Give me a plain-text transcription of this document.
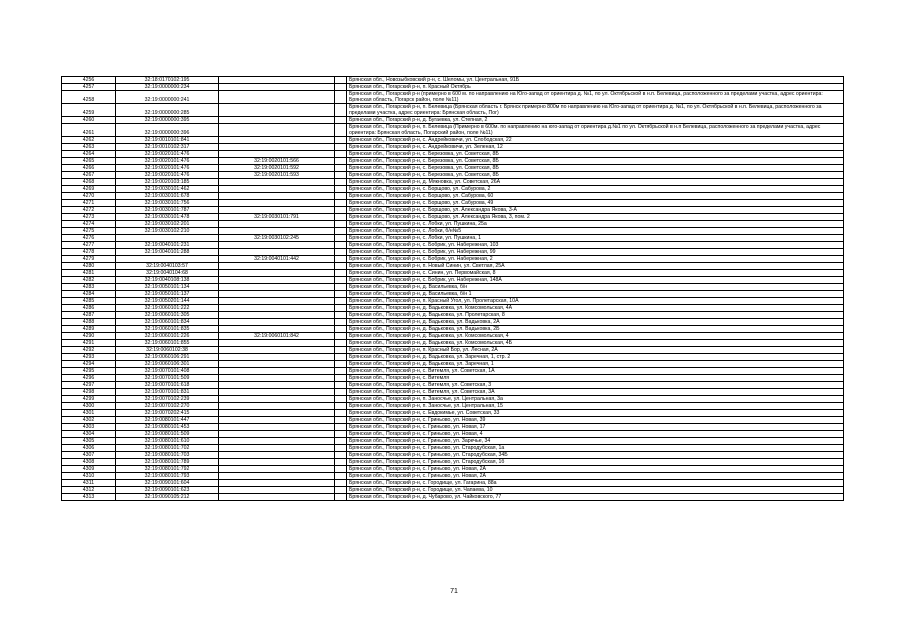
4256	32:18:0170102:195			Брянская обл., Новозыбковский р-н, с. Шеломы, ул. Центральная, 91Б
4257	32:19:0000000:234			Брянская обл., Погарский р-н, п. Красный Октябрь
4258	32:19:0000000:241			Брянская обл., Погарский р-н (примерно в 600 м. по направлению на Юго-запад от ориентира д. №1, по ул. Октябрьской в н.п. Белевица, расположенного за пределами участка, адрес ориентира: Брянская область, Погарск район, поле №11)
4259	32:19:0000000:285			Брянская обл., Погарский р-н, п. Белевица (Брянская область г. Брянск примерно 800м по направлению на Юго-запад от ориентира д. №1, по ул. Октябрьской в н.п. Белевица, расположенного за пределами участка, адрес ориентира: Брянская область, Пог)
4260	32:19:0000000:395			Брянская обл., Погарский р-н, д. Бугаевка, ул. Степная, 2
4261	32:19:0000000:396			Брянская обл., Погарский р-н, п. Белевица (Примерно в 600м. по направлению на юго-запад от ориентира д.№1 по ул. Октябрьской в н.п Белевица, расположенного за пределами участка, адрес ориентира: Брянская область, Погарский район, поле №11)
4262	32:19:0010101:841			Брянская обл., Погарский р-н, с. Андрейковичи, ул. Слободская, 22
4263	32:19:0010102:317			Брянская обл., Погарский р-н, с. Андрейковичи, ул. Зеленая, 12
4264	32:19:0020101:476			Брянская обл., Погарский р-н, с. Березовка, ул. Советская, 8Б
4265	32:19:0020101:476	32:19:0020101:566		Брянская обл., Погарский р-н, с. Березовка, ул. Советская, 8Б
4266	32:19:0020101:476	32:19:0020101:592		Брянская обл., Погарский р-н, с. Березовка, ул. Советская, 8Б
4267	32:19:0020101:476	32:19:0020101:593		Брянская обл., Погарский р-н, с. Березовка, ул. Советская, 8Б
4268	32:19:0020103:185			Брянская обл., Погарский р-н, д. Мякновка, ул. Советская, 26А
4269	32:19:0030101:462			Брянская обл., Погарский р-н, с. Борщово, ул. Сабурова, 2
4270	32:19:0030101:678			Брянская обл., Погарский р-н, с. Борщово, ул. Сабурова, 60
4271	32:19:0030101:756			Брянская обл., Погарский р-н, с. Борщово, ул. Сабурова, 49
4272	32:19:0030101:787			Брянская обл., Погарский р-н, с. Борщово, ул. Александра Якова, 3-А
4273	32:19:0030101:478	32:19:0030101:791		Брянская обл., Погарский р-н, с. Борщово, ул. Александра Якова, 3, пом. 2
4274	32:19:0030102:201			Брянская обл., Погарский р-н, с. Лобки, ул. Пушкина, 25а
4275	32:19:0030102:210			Брянская обл., Погарский р-н, с. Лобки, б/н№5
4276		32:19:0030102:245		Брянская обл., Погарский р-н, с. Лобки, ул. Пушкина, 1
4277	32:19:0040101:231			Брянская обл., Погарский р-н, с. Бобрик, ул. Набережная, 103
4278	32:19:0040101:288			Брянская обл., Погарский р-н, с. Бобрик, ул. Набережная, 99
4279		32:19:0040101:442		Брянская обл., Погарский р-н, с. Бобрик, ул. Набережная, 2
4280	32:19:0040103:57			Брянская обл., Погарский р-н, п. Новый Синин, ул. Светлая, 25А
4281	32:19:0040104:68			Брянская обл., Погарский р-н, с. Синин, ул. Первомайская, 8
4282	32:19:0040108:138			Брянская обл., Погарский р-н, с. Бобрик, ул. Набережная, 148А
4283	32:19:0050101:134			Брянская обл., Погарский р-н, д. Васильевка, б/н
4284	32:19:0050101:137			Брянская обл., Погарский р-н, д. Васильевка, б/н 1
4285	32:19:0050201:144			Брянская обл., Погарский р-н, п. Красный Угол, ул. Пролетарская, 10А
4286	32:19:0060101:222			Брянская обл., Погарский р-н, д. Вадьковка, ул. Комсомольская, 4А
4287	32:19:0060101:305			Брянская обл., Погарский р-н, д. Вадьковка, ул. Пролетарская, 8
4288	32:19:0060101:834			Брянская обл., Погарский р-н, д. Вадьковка, ул. Вадьковка, 2А
4289	32:19:0060101:835			Брянская обл., Погарский р-н, д. Вадьковка, ул. Вадьковка, 2Б
4290	32:19:0060101:226	32:19:0060101:842		Брянская обл., Погарский р-н, д. Вадьковка, ул. Комсомольская, 4
4291	32:19:0060101:855			Брянская обл., Погарский р-н, д. Вадьковка, ул. Комсомольская, 4Б
4292	32:19:0060102:38			Брянская обл., Погарский р-н, п. Красный Бор, ул. Лесная, 2А
4293	32:19:0060106:291			Брянская обл., Погарский р-н, д. Вадьковка, ул. Заречная, 1, стр. 2
4294	32:19:0060106:301			Брянская обл., Погарский р-н, д. Вадьковка, ул. Заречная, 1
4295	32:19:0070101:408			Брянская обл., Погарский р-н, с. Витемля, ул. Советская, 1А
4296	32:19:0070101:509			Брянская обл., Погарский р-н, с. Витемля
4297	32:19:0070101:618			Брянская обл., Погарский р-н, с. Витемля, ул. Советская, 3
4298	32:19:0070101:831			Брянская обл., Погарский р-н, с. Витемля, ул. Советская, 3А
4299	32:19:0070102:239			Брянская обл., Погарский р-н, п. Заносчье, ул. Центральная, 3а
4300	32:19:0070102:270			Брянская обл., Погарский р-н, п. Заносчье, ул. Центральная, 15
4301	32:19:0070202:415			Брянская обл., Погарский р-н, с. Евдокимье, ул. Советская, 33
4302	32:19:0080101:447			Брянская обл., Погарский р-н, с. Гриньово, ул. Новая, 39
4303	32:19:0080101:453			Брянская обл., Погарский р-н, с. Гриньово, ул. Новая, 17
4304	32:19:0080101:509			Брянская обл., Погарский р-н, с. Гриньово, ул. Новая, 4
4305	32:19:0080101:610			Брянская обл., Погарский р-н, с. Гриньово, ул. Заречье, 34
4306	32:19:0080101:702			Брянская обл., Погарский р-н, с. Гриньово, ул. Стародубская, 1а
4307	32:19:0080101:703			Брянская обл., Погарский р-н, с. Гриньово, ул. Стародубская, 34Б
4308	32:19:0080101:789			Брянская обл., Погарский р-н, с. Гриньово, ул. Стародубская, 1б
4309	32:19:0080101:792			Брянская обл., Погарский р-н, с. Гриньово, ул. Новая, 2А
4310	32:19:0080101:793			Брянская обл., Погарский р-н, с. Гриньово, ул. Новая, 2А
4311	32:19:0090101:604			Брянская обл., Погарский р-н, с. Городище, ул. Гагарина, 88а
4312	32:19:0090101:623			Брянская обл., Погарский р-н, с. Городище, ул. Чапаева, 10
4313	32:19:0090105:212			Брянская обл., Погарский р-н, д. Чубарово, ул. Чайковского, 77
71
